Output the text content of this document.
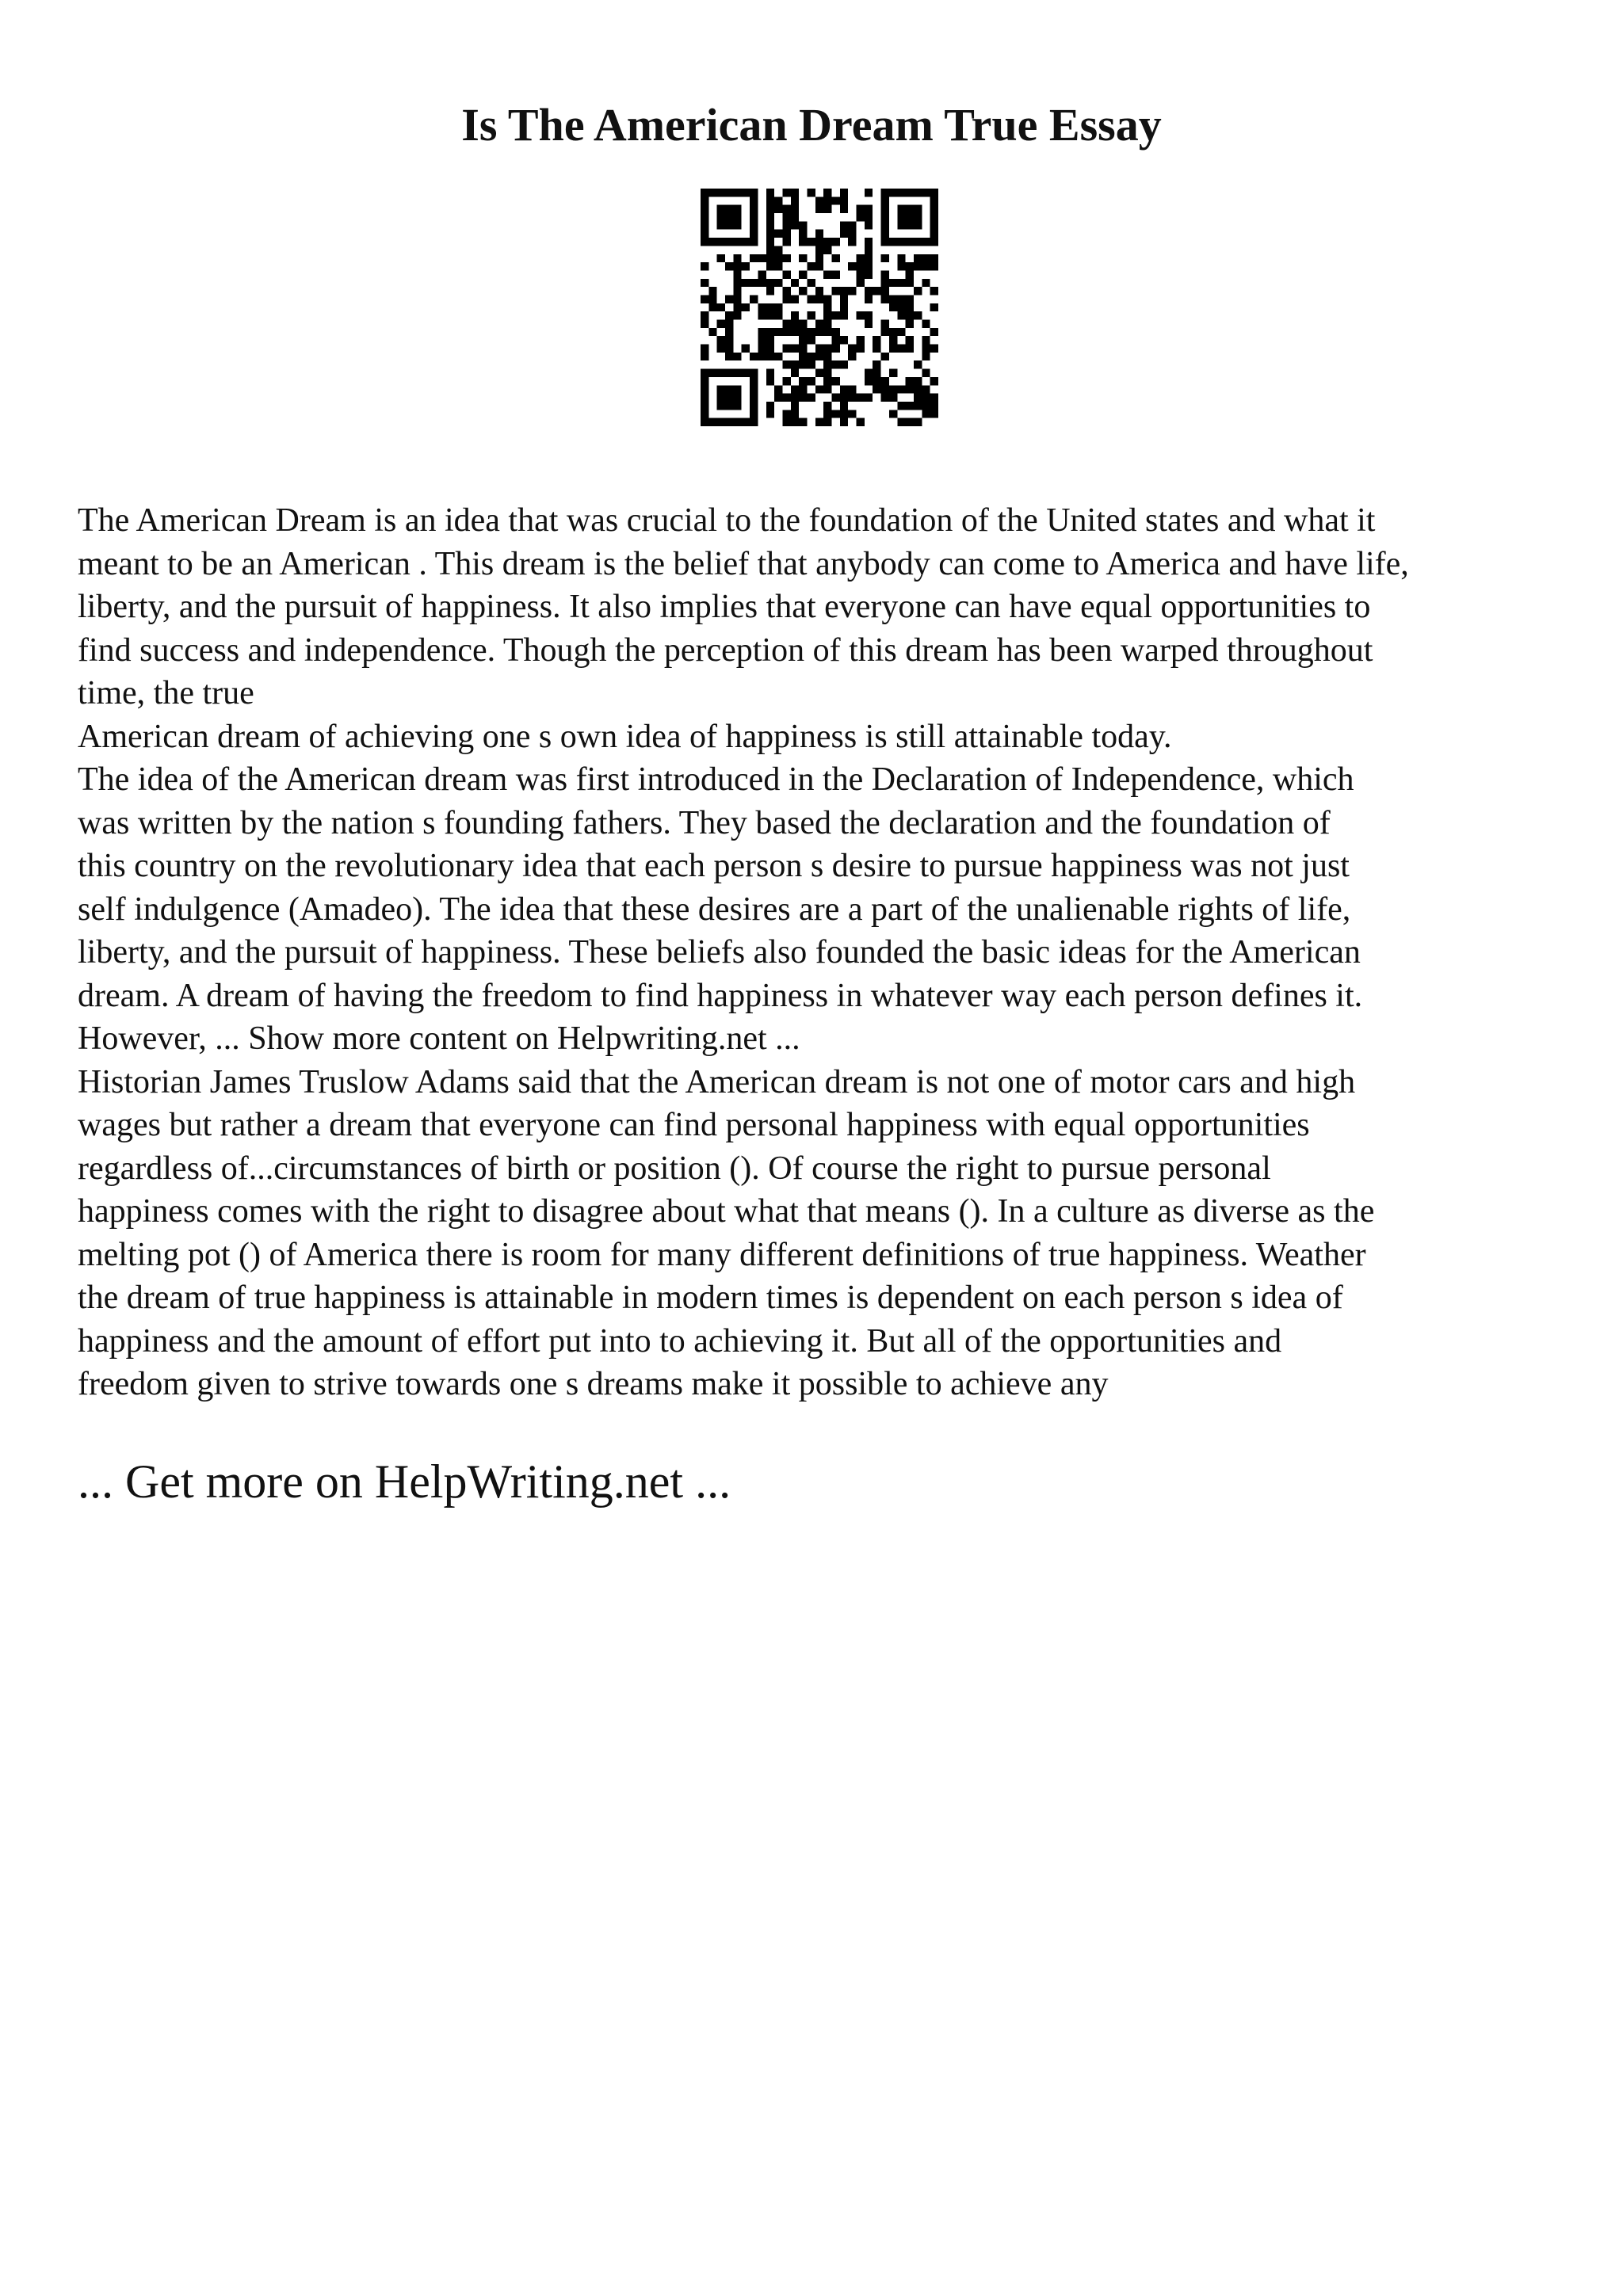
Is The American Dream True Essay
The American Dream is an idea that was crucial to the foundation of the United states and what it
meant to be an American . This dream is the belief that anybody can come to America and have life,
liberty, and the pursuit of happiness. It also implies that everyone can have equal opportunities to
find success and independence. Though the perception of this dream has been warped throughout
time, the true
American dream of achieving one s own idea of happiness is still attainable today.
The idea of the American dream was first introduced in the Declaration of Independence, which
was written by the nation s founding fathers. They based the declaration and the foundation of
this country on the revolutionary idea that each person s desire to pursue happiness was not just
self indulgence (Amadeo). The idea that these desires are a part of the unalienable rights of life,
liberty, and the pursuit of happiness. These beliefs also founded the basic ideas for the American
dream. A dream of having the freedom to find happiness in whatever way each person defines it.
However, ... Show more content on Helpwriting.net ...
Historian James Truslow Adams said that the American dream is not one of motor cars and high
wages but rather a dream that everyone can find personal happiness with equal opportunities
regardless of...circumstances of birth or position (). Of course the right to pursue personal
happiness comes with the right to disagree about what that means (). In a culture as diverse as the
melting pot () of America there is room for many different definitions of true happiness. Weather
the dream of true happiness is attainable in modern times is dependent on each person s idea of
happiness and the amount of effort put into to achieving it. But all of the opportunities and
freedom given to strive towards one s dreams make it possible to achieve any
... Get more on HelpWriting.net ...
